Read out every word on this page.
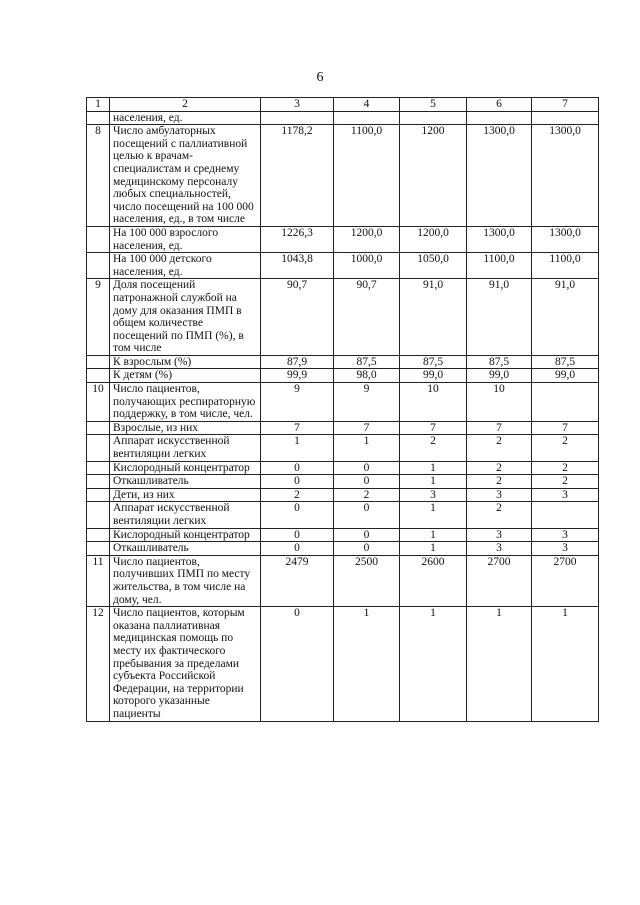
6
1	2	3	4	5	6	7
	населения, ед.					
8	Число амбулаторных посещений с паллиативной целью к врачам-специалистам и среднему медицинскому персоналу любых специальностей, число посещений на 100 000 населения, ед., в том числе	1178,2	1100,0	1200	1300,0	1300,0
	На 100 000 взрослого населения, ед.	1226,3	1200,0	1200,0	1300,0	1300,0
	На 100 000 детского населения, ед.	1043,8	1000,0	1050,0	1100,0	1100,0
9	Доля посещений патронажной службой на дому для оказания ПМП в общем количестве посещений по ПМП (%), в том числе	90,7	90,7	91,0	91,0	91,0
	К взрослым (%)	87,9	87,5	87,5	87,5	87,5
	К детям (%)	99,9	98,0	99,0	99,0	99,0
10	Число пациентов, получающих респираторную поддержку, в том числе, чел.	9	9	10	10	
	Взрослые, из них	7	7	7	7	7
	Аппарат искусственной вентиляции легких	1	1	2	2	2
	Кислородный концентратор	0	0	1	2	2
	Откашливатель	0	0	1	2	2
	Дети, из них	2	2	3	3	3
	Аппарат искусственной вентиляции легких	0	0	1	2	
	Кислородный концентратор	0	0	1	3	3
	Откашливатель	0	0	1	3	3
11	Число пациентов, получивших ПМП по месту жительства, в том числе на дому, чел.	2479	2500	2600	2700	2700
12	Число пациентов, которым оказана паллиативная медицинская помощь по месту их фактического пребывания за пределами субъекта Российской Федерации, на территории которого указанные пациенты	0	1	1	1	1
